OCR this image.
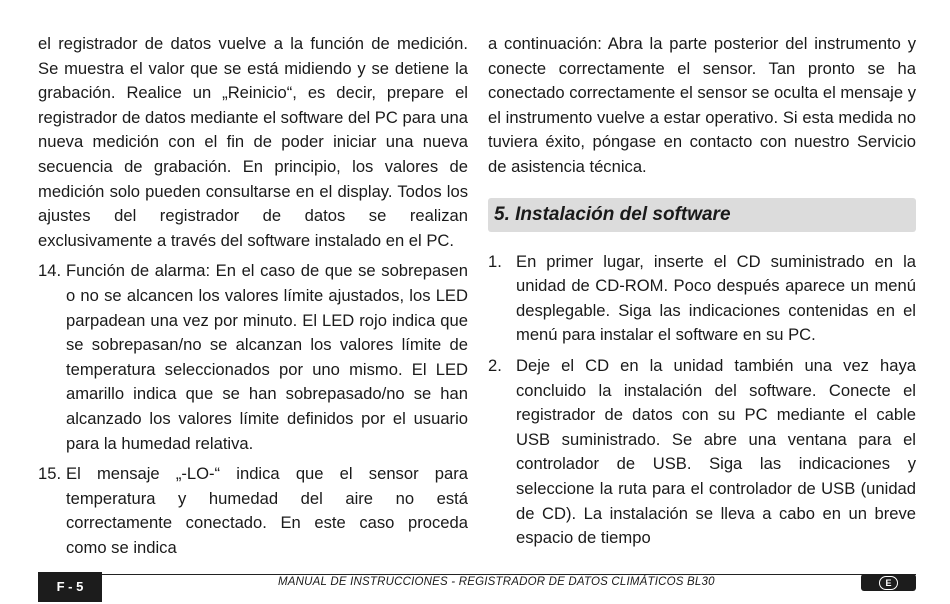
el registrador de datos vuelve a la función de medición. Se muestra el valor que se está midiendo y se detiene la grabación. Realice un „Reinicio“, es decir, prepare el registrador de datos mediante el software del PC para una nueva medición con el fin de poder iniciar una nueva secuencia de grabación. En principio, los valores de medición solo pueden consultarse en el display. Todos los ajustes del registrador de datos se realizan exclusivamente a través del software instalado en el PC.

14. Función de alarma: En el caso de que se sobrepasen o no se alcancen los valores límite ajustados, los LED parpadean una vez por minuto. El LED rojo indica que se sobrepasan/no se alcanzan los valores límite de temperatura seleccionados por uno mismo. El LED amarillo indica que se han sobrepasado/no se han alcanzado los valores límite definidos por el usuario para la humedad relativa.
15. El mensaje „-LO-“ indica que el sensor para temperatura y humedad del aire no está correctamente conectado. En este caso proceda como se indica

a continuación: Abra la parte posterior del instrumento y conecte correctamente el sensor. Tan pronto se ha conectado correctamente el sensor se oculta el mensaje y el instrumento vuelve a estar operativo. Si esta medida no tuviera éxito, póngase en contacto con nuestro Servicio de asistencia técnica.

5. Instalación del software
1. En primer lugar, inserte el CD suministrado en la unidad de CD-ROM. Poco después aparece un menú desplegable. Siga las indicaciones contenidas en el menú para instalar el software en su PC.
2. Deje el CD en la unidad también una vez haya concluido la instalación del software. Conecte el registrador de datos con su PC mediante el cable USB suministrado. Se abre una ventana para el controlador de USB. Siga las indicaciones y seleccione la ruta para el controlador de USB (unidad de CD). La instalación se lleva a cabo en un breve espacio de tiempo
F - 5	MANUAL DE INSTRUCCIONES - REGISTRADOR DE DATOS CLIMÁTICOS BL30	E
